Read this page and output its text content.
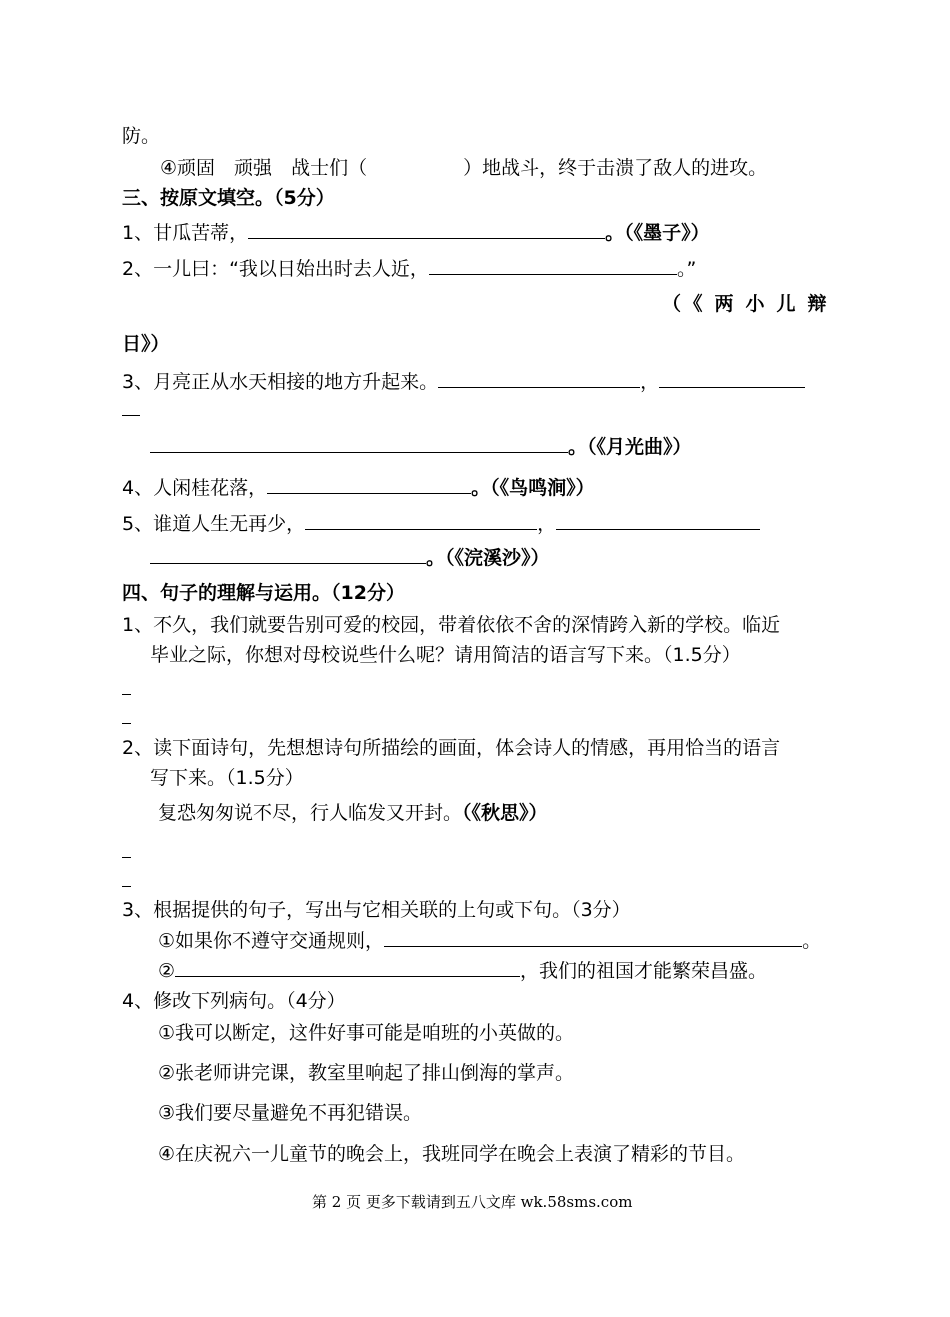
防。
④顽固　顽强　战士们（	）地战斗，终于击溃了敌人的进攻。
三、按原文填空。（5分）
1、甘瓜苦蒂，	。（《墨子》）
2、一儿曰：“我以日始出时去人近，	。”
（《两小儿辩
日》）
3、月亮正从水天相接的地方升起来。	，
。（《月光曲》）
4、人闲桂花落，	。（《鸟鸣涧》）
5、谁道人生无再少，	，
。（《浣溪沙》）
四、句子的理解与运用。（12分）
1、不久，我们就要告别可爱的校园，带着依依不舍的深情跨入新的学校。临近
毕业之际，你想对母校说些什么呢？请用简洁的语言写下来。（1.5分）
2、读下面诗句，先想想诗句所描绘的画面，体会诗人的情感，再用恰当的语言
写下来。（1.5分）
复恐匆匆说不尽，行人临发又开封。（《秋思》）
3、根据提供的句子，写出与它相关联的上句或下句。（3分）
①如果你不遵守交通规则，	。
②	，我们的祖国才能繁荣昌盛。
4、修改下列病句。（4分）
①我可以断定，这件好事可能是咱班的小英做的。
②张老师讲完课，教室里响起了排山倒海的掌声。
③我们要尽量避免不再犯错误。
④在庆祝六一儿童节的晚会上，我班同学在晚会上表演了精彩的节目。
第 2 页 更多下载请到五八文库 wk.58sms.com
